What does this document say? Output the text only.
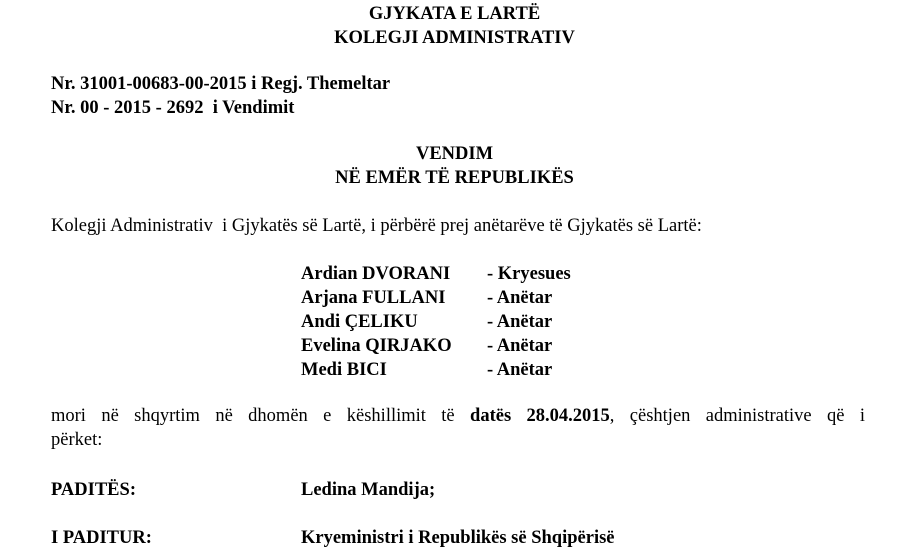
GJYKATA E LARTË
KOLEGJI ADMINISTRATIV
Nr. 31001-00683-00-2015 i Regj. Themeltar
Nr. 00 - 2015 - 2692  i Vendimit
VENDIM
NË EMËR TË REPUBLIKËS
Kolegji Administrativ  i Gjykatës së Lartë, i përbërë prej anëtarëve të Gjykatës së Lartë:
Ardian DVORANI - Kryesues
Arjana FULLANI - Anëtar
Andi ÇELIKU	- Anëtar
Evelina QIRJAKO - Anëtar
Medi BICI	- Anëtar
mori në shqyrtim në dhomën e këshillimit të datës 28.04.2015, çështjen administrative që i
përket:
PADITËS:	Ledina Mandija;
I PADITUR:	Kryeministri i Republikës së Shqipërisë
